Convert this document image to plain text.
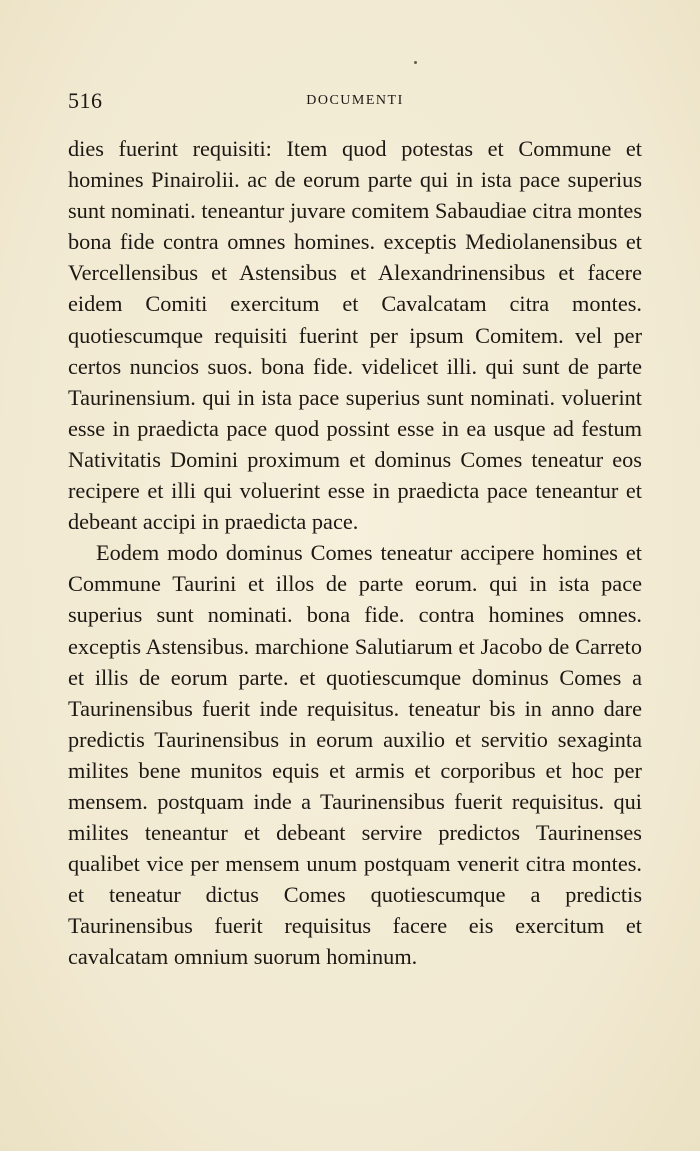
516	DOCUMENTI

dies fuerint requisiti: Item quod potestas et Commune et homines Pinairolii. ac de eorum parte qui in ista pace superius sunt nominati. teneantur juvare comitem Sabaudiae citra montes bona fide contra omnes homines. exceptis Mediolanensibus et Vercellensibus et Astensibus et Alexandrinensibus et facere eidem Comiti exercitum et Cavalcatam citra montes. quotiescumque requisiti fuerint per ipsum Comitem. vel per certos nuncios suos. bona fide. videlicet illi. qui sunt de parte Taurinensium. qui in ista pace superius sunt nominati. voluerint esse in praedicta pace quod possint esse in ea usque ad festum Nativitatis Domini proximum et dominus Comes teneatur eos recipere et illi qui voluerint esse in praedicta pace teneantur et debeant accipi in praedicta pace.

Eodem modo dominus Comes teneatur accipere homines et Commune Taurini et illos de parte eorum. qui in ista pace superius sunt nominati. bona fide. contra homines omnes. exceptis Astensibus. marchione Salutiarum et Jacobo de Carreto et illis de eorum parte. et quotiescumque dominus Comes a Taurinensibus fuerit inde requisitus. teneatur bis in anno dare predictis Taurinensibus in eorum auxilio et servitio sexaginta milites bene munitos equis et armis et corporibus et hoc per mensem. postquam inde a Taurinensibus fuerit requisitus. qui milites teneantur et debeant servire predictos Taurinenses qualibet vice per mensem unum postquam venerit citra montes. et teneatur dictus Comes quotiescumque a predictis Taurinensibus fuerit requisitus facere eis exercitum et cavalcatam omnium suorum hominum.
